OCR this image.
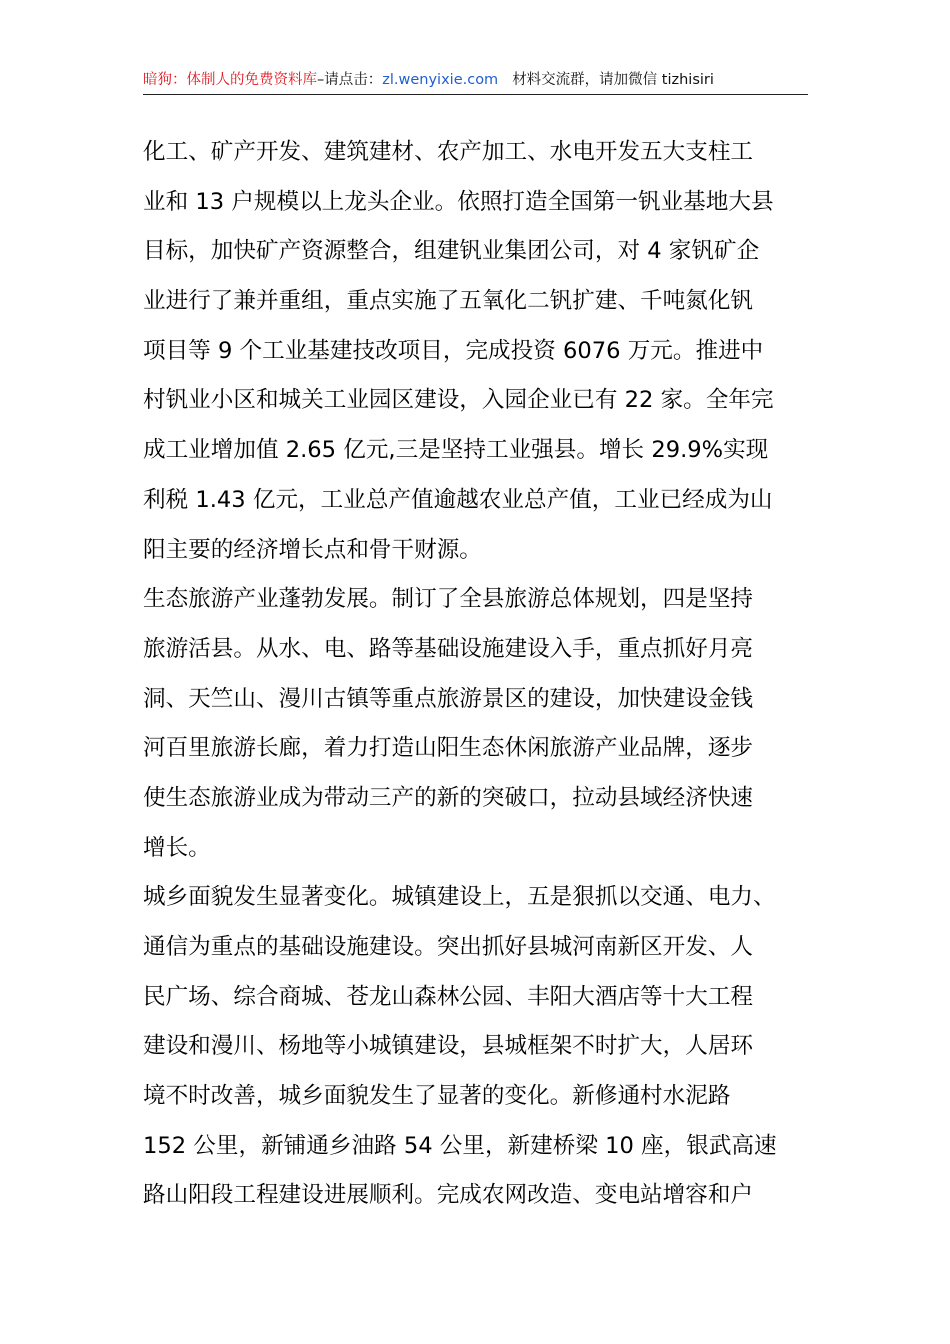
暗狗：体制人的免费资料库–请点击：zl.wenyixie.com 材料交流群，请加微信 tizhisiri
化工、矿产开发、建筑建材、农产加工、水电开发五大支柱工
业和 13 户规模以上龙头企业。依照打造全国第一钒业基地大县
目标，加快矿产资源整合，组建钒业集团公司，对 4 家钒矿企
业进行了兼并重组，重点实施了五氧化二钒扩建、千吨氮化钒
项目等 9 个工业基建技改项目，完成投资 6076 万元。推进中
村钒业小区和城关工业园区建设，入园企业已有 22 家。全年完
成工业增加值 2.65 亿元,三是坚持工业强县。增长 29.9%实现
利税 1.43 亿元，工业总产值逾越农业总产值，工业已经成为山
阳主要的经济增长点和骨干财源。
生态旅游产业蓬勃发展。制订了全县旅游总体规划，四是坚持
旅游活县。从水、电、路等基础设施建设入手，重点抓好月亮
洞、天竺山、漫川古镇等重点旅游景区的建设，加快建设金钱
河百里旅游长廊，着力打造山阳生态休闲旅游产业品牌，逐步
使生态旅游业成为带动三产的新的突破口，拉动县域经济快速
增长。
城乡面貌发生显著变化。城镇建设上，五是狠抓以交通、电力、
通信为重点的基础设施建设。突出抓好县城河南新区开发、人
民广场、综合商城、苍龙山森林公园、丰阳大酒店等十大工程
建设和漫川、杨地等小城镇建设，县城框架不时扩大，人居环
境不时改善，城乡面貌发生了显著的变化。新修通村水泥路
152 公里，新铺通乡油路 54 公里，新建桥梁 10 座，银武高速
路山阳段工程建设进展顺利。完成农网改造、变电站增容和户
